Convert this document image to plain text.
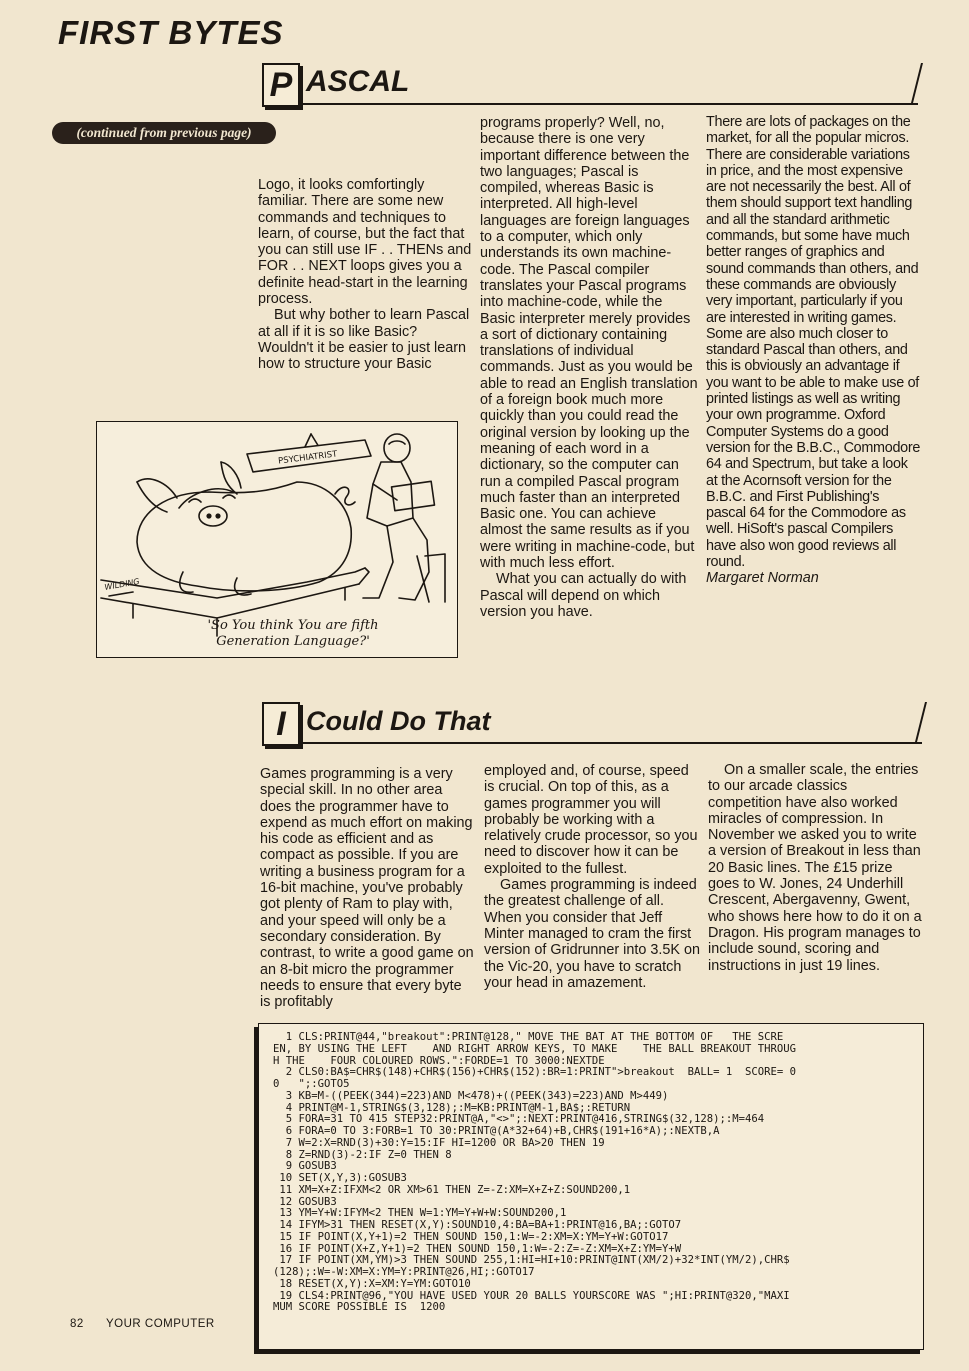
FIRST BYTES
P ASCAL
(continued from previous page)

Logo, it looks comfortingly familiar. There are some new commands and techniques to learn, of course, but the fact that you can still use IF . . THENs and FOR . . NEXT loops gives you a definite head-start in the learning process.

But why bother to learn Pascal at all if it is so like Basic? Wouldn't it be easier to just learn how to structure your Basic

programs properly? Well, no, because there is one very important difference between the two languages; Pascal is compiled, whereas Basic is interpreted. All high-level languages are foreign languages to a computer, which only understands its own machine-code. The Pascal compiler translates your Pascal programs into machine-code, while the Basic interpreter merely provides a sort of dictionary containing translations of individual commands. Just as you would be able to read an English translation of a foreign book much more quickly than you could read the original version by looking up the meaning of each word in a dictionary, so the computer can run a compiled Pascal program much faster than an interpreted Basic one. You can achieve almost the same results as if you were writing in machine-code, but with much less effort.

What you can actually do with Pascal will depend on which version you have.

There are lots of packages on the market, for all the popular micros. There are considerable variations in price, and the most expensive are not necessarily the best. All of them should support text handling and all the standard arithmetic commands, but some have much better ranges of graphics and sound commands than others, and these commands are obviously very important, particularly if you are interested in writing games. Some are also much closer to standard Pascal than others, and this is obviously an advantage if you want to be able to make use of printed listings as well as writing your own programme. Oxford Computer Systems do a good version for the B.B.C., Commodore 64 and Spectrum, but take a look at the Acornsoft version for the B.B.C. and First Publishing's pascal 64 for the Commodore as well. HiSoft's pascal Compilers have also won good reviews all round.

Margaret Norman

PSYCHIATRIST
WILDING
'So You think You are fifth
Generation Language?'
I Could Do That

Games programming is a very special skill. In no other area does the programmer have to expend as much effort on making his code as efficient and as compact as possible. If you are writing a business program for a 16-bit machine, you've probably got plenty of Ram to play with, and your speed will only be a secondary consideration. By contrast, to write a good game on an 8-bit micro the programmer needs to ensure that every byte is profitably

employed and, of course, speed is crucial. On top of this, as a games programmer you will probably be working with a relatively crude processor, so you need to discover how it can be exploited to the fullest.

Games programming is indeed the greatest challenge of all. When you consider that Jeff Minter managed to cram the first version of Gridrunner into 3.5K on the Vic-20, you have to scratch your head in amazement.

On a smaller scale, the entries to our arcade classics competition have also worked miracles of compression. In November we asked you to write a version of Breakout in less than 20 Basic lines. The £15 prize goes to W. Jones, 24 Underhill Crescent, Abergavenny, Gwent, who shows here how to do it on a Dragon. His program manages to include sound, scoring and instructions in just 19 lines.

1 CLS:PRINT@44,"breakout":PRINT@128," MOVE THE BAT AT THE BOTTOM OF   THE SCRE
EN, BY USING THE LEFT    AND RIGHT ARROW KEYS, TO MAKE    THE BALL BREAKOUT THROUG
H THE    FOUR COLOURED ROWS.":FORDE=1 TO 3000:NEXTDE
2 CLS0:BA$=CHR$(148)+CHR$(156)+CHR$(152):BR=1:PRINT">breakout  BALL= 1  SCORE= 0
0   ";:GOTO5
3 KB=M-((PEEK(344)=223)AND M<478)+((PEEK(343)=223)AND M>449)
4 PRINT@M-1,STRING$(3,128);:M=KB:PRINT@M-1,BA$;:RETURN
5 FORA=31 TO 415 STEP32:PRINT@A,"<>";:NEXT:PRINT@416,STRING$(32,128);:M=464
6 FORA=0 TO 3:FORB=1 TO 30:PRINT@(A*32+64)+B,CHR$(191+16*A);:NEXTB,A
7 W=2:X=RND(3)+30:Y=15:IF HI=1200 OR BA>20 THEN 19
8 Z=RND(3)-2:IF Z=0 THEN 8
9 GOSUB3
10 SET(X,Y,3):GOSUB3
11 XM=X+Z:IFXM<2 OR XM>61 THEN Z=-Z:XM=X+Z+Z:SOUND200,1
12 GOSUB3
13 YM=Y+W:IFYM<2 THEN W=1:YM=Y+W+W:SOUND200,1
14 IFYM>31 THEN RESET(X,Y):SOUND10,4:BA=BA+1:PRINT@16,BA;:GOTO7
15 IF POINT(X,Y+1)=2 THEN SOUND 150,1:W=-2:XM=X:YM=Y+W:GOTO17
16 IF POINT(X+Z,Y+1)=2 THEN SOUND 150,1:W=-2:Z=-Z:XM=X+Z:YM=Y+W
17 IF POINT(XM,YM)>3 THEN SOUND 255,1:HI=HI+10:PRINT@INT(XM/2)+32*INT(YM/2),CHR$
(128);:W=-W:XM=X:YM=Y:PRINT@26,HI;:GOTO17
18 RESET(X,Y):X=XM:Y=YM:GOTO10
19 CLS4:PRINT@96,"YOU HAVE USED YOUR 20 BALLS YOURSCORE WAS ";HI:PRINT@320,"MAXI
MUM SCORE POSSIBLE IS  1200
82 YOUR COMPUTER
